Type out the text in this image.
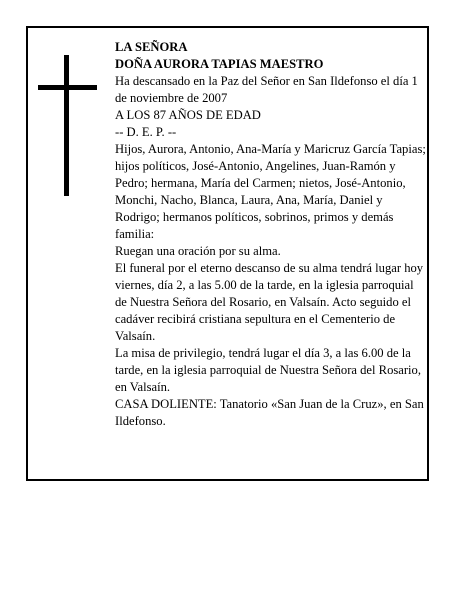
LA SEÑORA

DOÑA AURORA TAPIAS MAESTRO

Ha descansado en la Paz del Señor en San Ildefonso el día 1 de noviembre de 2007

A LOS 87 AÑOS DE EDAD

-- D. E. P. --

Hijos, Aurora, Antonio, Ana-María y Maricruz García Tapias; hijos políticos, José-Antonio, Angelines, Juan-Ramón y Pedro; hermana, María del Carmen; nietos, José-Antonio, Monchi, Nacho, Blanca, Laura, Ana, María, Daniel y Rodrigo; hermanos políticos, sobrinos, primos y demás familia:

Ruegan una oración por su alma.

El funeral por el eterno descanso de su alma tendrá lugar hoy viernes, día 2, a las 5.00 de la tarde, en la iglesia parroquial de Nuestra Señora del Rosario, en Valsaín. Acto seguido el cadáver recibirá cristiana sepultura en el Cementerio de Valsaín.

La misa de privilegio, tendrá lugar el día 3, a las 6.00 de la tarde, en la iglesia parroquial de Nuestra Señora del Rosario, en Valsaín.

CASA DOLIENTE: Tanatorio «San Juan de la Cruz», en San Ildefonso.
